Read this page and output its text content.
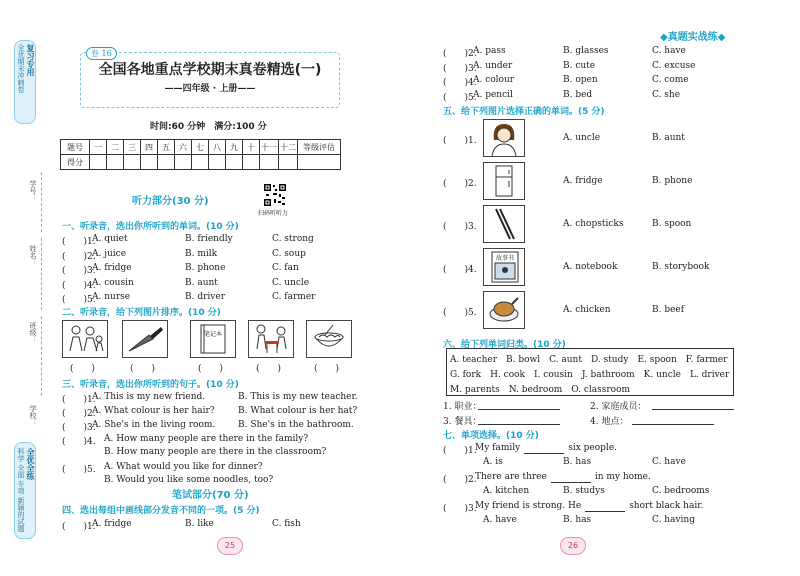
复习专用
全优期末冲刺卷
学号：
姓名：
班级：
学校：
全优全练
科学 全面 专项 新颖的试题
全国各地重点学校期末真卷精选(一)
——四年级 · 上册——
卷 16
时间:60 分钟　满分:100 分
题号	一	二	三	四	五	六	七	八	九	十	十一	十二	等级评估
得分													
听力部分(30 分)
扫码听听力
一、听录音，选出你所听到的单词。(10 分)
(　　)1.
A. quiet	B. friendly	C. strong
(　　)2.
A. juice	B. milk	C. soup
(　　)3.
A. fridge	B. phone	C. fan
(　　)4.
A. cousin	B. aunt	C. uncle
(　　)5.
A. nurse	B. driver	C. farmer
二、听录音，给下列图片排序。(10 分)
笔记本
(　　)	(　　)	(　　)	(　　)	(　　)
三、听录音，选出你所听到的句子。(10 分)
(　　)1.
A. This is my new friend.	B. This is my new teacher.
(　　)2.
A. What colour is her hair?	B. What colour is her hat?
(　　)3.
A. She's in the living room.	B. She's in the bathroom.
(　　)4. A. How many people are there in the family?
B. How many people are there in the classroom?
(　　)5. A. What would you like for dinner?
B. Would you like some noodles, too?
笔试部分(70 分)
四、选出每组中画线部分发音不同的一项。(5 分)
(　　)1.
A. fridge	B. like	C. fish
25
◆真题实战练◆
(　　)2.
A. pass	B. glasses	C. have
(　　)3.
A. under	B. cute	C. excuse
(　　)4.
A. colour	B. open	C. come
(　　)5.
A. pencil	B. bed	C. she
五、给下列图片选择正确的单词。(5 分)
(　　)1.	A. uncle	B. aunt
(　　)2.	A. fridge	B. phone
(　　)3.	A. chopsticks	B. spoon
(　　)4.
故事书
A. notebook	B. storybook
(　　)5.	A. chicken	B. beef
六、给下列单词归类。(10 分)
A. teacher　B. bowl　C. aunt　D. study　E. spoon　F. farmer
G. fork　H. cook　I. cousin　J. bathroom　K. uncle　L. driver
M. parents　N. bedroom　O. classroom
1. 职业：	2. 家庭成员：
3. 餐具：	4. 地点：
七、单项选择。(10 分)
(　　)1.
My family	six people.
A. is	B. has	C. have
(　　)2.
There are three	in my home.
A. kitchen	B. studys	C. bedrooms
(　　)3.
My friend is strong. He	short black hair.
A. have	B. has	C. having
26
